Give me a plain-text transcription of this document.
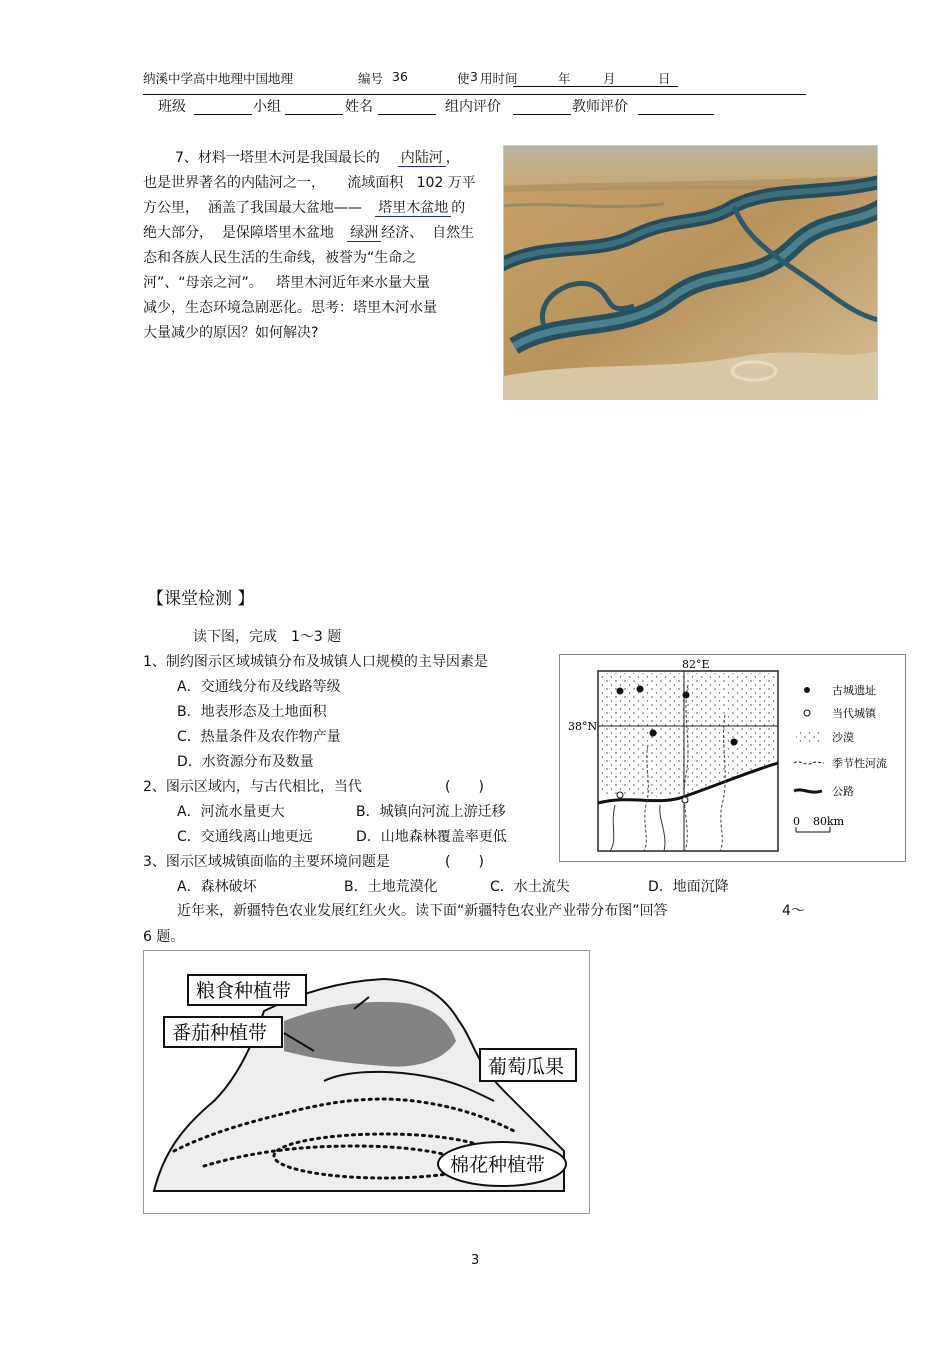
纳溪中学高中地理中国地理	编号 36	使 3 用时间	年	月	日
班级	小组	姓名	组内评价	教师评价
7、材料一塔里木河是我国最长的 内陆河 ，
也是世界著名的内陆河之一， 流域面积 102 万平
方公里， 涵盖了我国最大盆地—— 塔里木盆地 的
绝大部分， 是保障塔里木盆地 绿洲 经济、 自然生
态和各族人民生活的生命线，被誉为“生命之
河”、“母亲之河”。 塔里木河近年来水量大量
减少，生态环境急剧恶化。思考：塔里木河水量
大量减少的原因？如何解决?
【课堂检测 】
读下图，完成　1～3 题
1、制约图示区域城镇分布及城镇人口规模的主导因素是
A．交通线分布及线路等级
B．地表形态及土地面积
C．热量条件及农作物产量
D．水资源分布及数量
2、图示区域内，与古代相比，当代	(　　)
A．河流水量更大	B．城镇向河流上游迁移
C．交通线离山地更远	D．山地森林覆盖率更低
3、图示区域城镇面临的主要环境问题是	(　　)
A．森林破坏	B．土地荒漠化	C．水土流失	D．地面沉降
近年来，新疆特色农业发展红红火火。读下面“新疆特色农业产业带分布图”回答	4～
6 题。
82°E
38°N
古城遗址
当代城镇
沙漠
季节性河流
公路
0 80km
粮食种植带
番茄种植带
葡萄瓜果
棉花种植带
3
